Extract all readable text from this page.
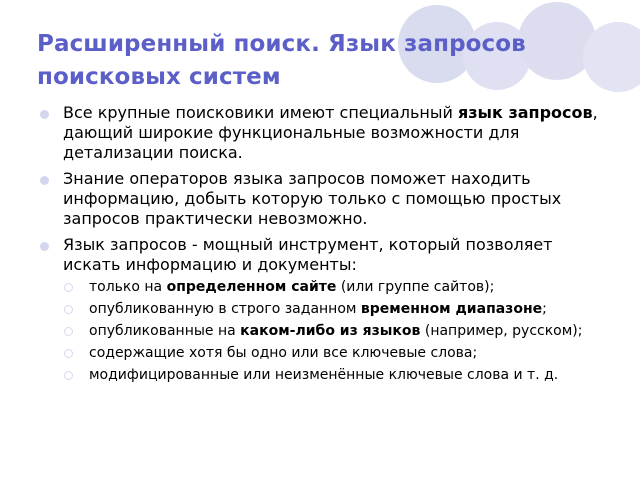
Расширенный поиск. Язык запросов поисковых систем
Все крупные поисковики имеют специальный язык запросов, дающий широкие функциональные возможности для детализации поиска.
Знание операторов языка запросов поможет находить информацию, добыть которую только с помощью простых запросов практически невозможно.
Язык запросов - мощный инструмент, который позволяет искать информацию и документы:
только на определенном сайте (или группе сайтов);
опубликованную в строго заданном временном диапазоне;
опубликованные на каком-либо из языков (например, русском);
содержащие хотя бы одно или все ключевые слова;
модифицированные или неизменённые ключевые слова и т. д.
